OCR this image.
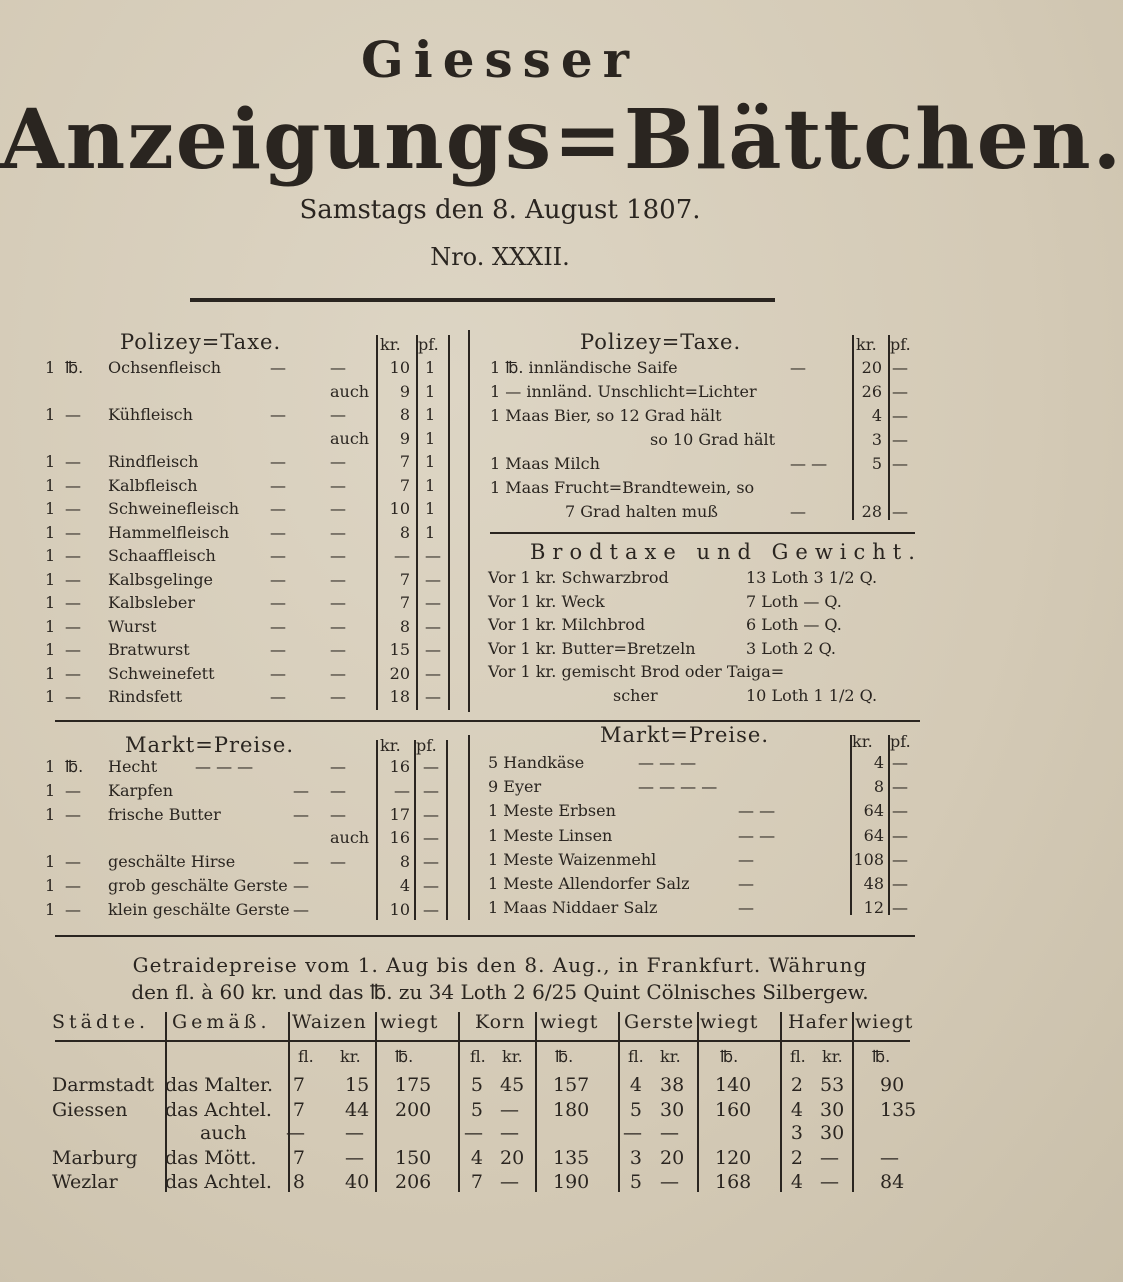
Giesser
Anzeigungs=Blättchen.
Samstags den 8. August 1807.
Nro. XXXII.
Polizey=Taxe.	kr. pf.
1 ℔. Ochsenfleisch	—	—	10 1
auch	9 1
1 — Kühfleisch	—	—	8 1
auch	9 1
1 — Rindfleisch	—	—	7 1
1 — Kalbfleisch	—	—	7 1
1 — Schweinefleisch —	—	10 1
1 — Hammelfleisch	—	—	8 1
1 — Schaaffleisch	—	—	— —
1 — Kalbsgelinge	—	—	7 —
1 — Kalbsleber	—	—	7 —
1 — Wurst	—	—	8 —
1 — Bratwurst	—	—	15 —
1 — Schweinefett	—	—	20 —
1 — Rindsfett	—	—	18 —
Polizey=Taxe.	kr. pf.
1 ℔. innländische Saife	—	20 —
1 — innländ. Unschlicht=Lichter	26 —
1 Maas Bier, so 12 Grad hält	4 —
so 10 Grad hält	3 —
1 Maas Milch	— —	5 —
1 Maas Frucht=Brandtewein, so
7 Grad halten muß	—	28 —
Brodtaxe und Gewicht.
Vor 1 kr. Schwarzbrod	13 Loth 3 1/2 Q.
Vor 1 kr. Weck	7 Loth — Q.
Vor 1 kr. Milchbrod	6 Loth — Q.
Vor 1 kr. Butter=Bretzeln	3 Loth 2 Q.
Vor 1 kr. gemischt Brod oder Taiga=
scher	10 Loth 1 1/2 Q.
Markt=Preise.	kr. pf.
1 ℔. Hecht — — —	—	16 —
1 — Karpfen	— —	— —
1 — frische Butter	— —	17 —
auch	16 —
1 — geschälte Hirse	— —	8 —
1 — grob geschälte Gerste —	4 —
1 — klein geschälte Gerste —	10 —
Markt=Preise.	kr. pf.
5 Handkäse	— — —	4 —
9 Eyer	— — — —	8 —
1 Meste Erbsen	— —	64 —
1 Meste Linsen	— —	64 —
1 Meste Waizenmehl	—	108 —
1 Meste Allendorfer Salz	—	48 —
1 Maas Niddaer Salz	—	12 —
Getraidepreise vom 1. Aug bis den 8. Aug., in Frankfurt. Währung
den fl. à 60 kr. und das ℔. zu 34 Loth 2 6/25 Quint Cölnisches Silbergew.
Städte. Gemäß. Waizen wiegt Korn wiegt Gerste wiegt Hafer wiegt
fl. kr. ℔.	fl. kr. ℔.	fl. kr. ℔.	fl. kr. ℔.
Darmstadt das Malter.	7 15 175	5 45 157	4 38 140	2 53 90
Giessen das Achtel.	7 44 200	5 — 180	5 30 160	4 30 135
auch	— —	— —	— —	3 30
Marburg das Mött.	7 — 150	4 20 135	3 20 120	2 — —
Wezlar das Achtel.	8 40 206	7 — 190	5 — 168	4 — 84
